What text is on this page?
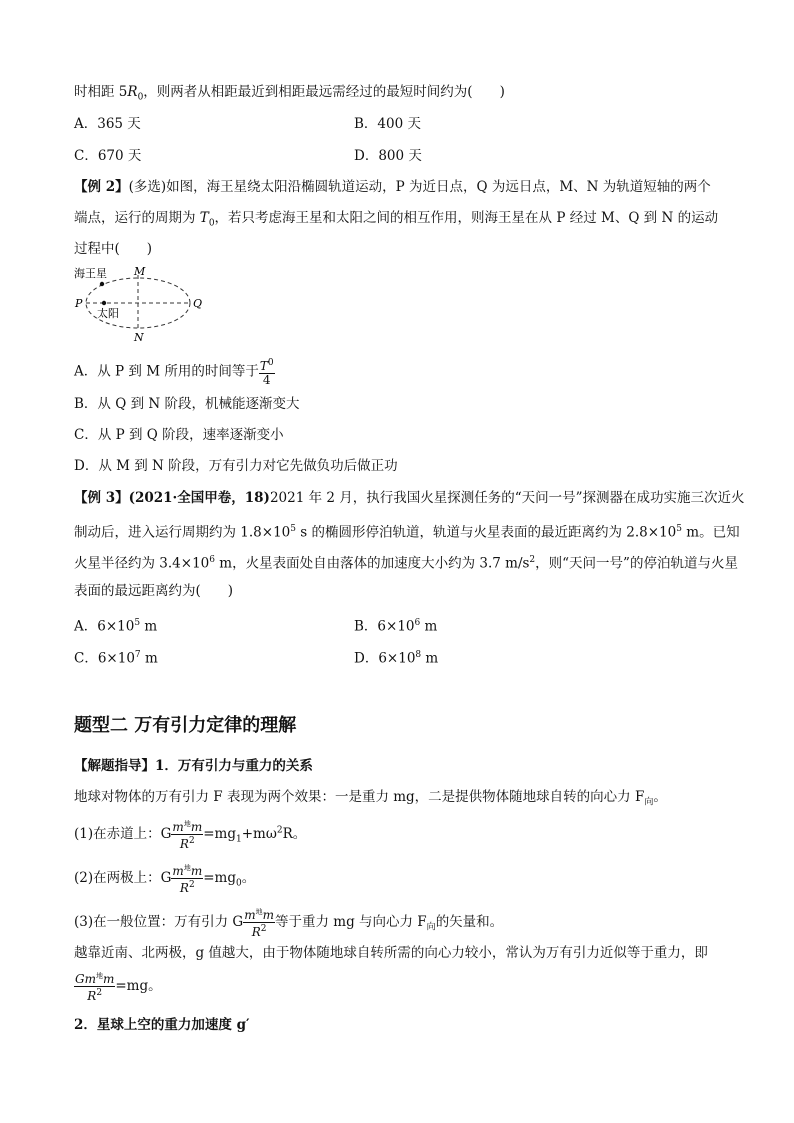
时相距 $5R_0$，则两者从相距最近到相距最远需经过的最短时间约为(　　)
A．365 天	B．400 天
C．670 天	D．800 天
【例 2】(多选)如图，海王星绕太阳沿椭圆轨道运动，P 为近日点，Q 为远日点，M、N 为轨道短轴的两个
端点，运行的周期为 $T_0$，若只考虑海王星和太阳之间的相互作用，则海王星在从 P 经过 M、Q 到 N 的运动
过程中(　　)
海王星
太阳
M
N
P	Q
A．从 P 到 M 所用的时间等于 $\frac{T^0}{4}$
B．从 Q 到 N 阶段，机械能逐渐变大
C．从 P 到 Q 阶段，速率逐渐变小
D．从 M 到 N 阶段，万有引力对它先做负功后做正功
【例 3】(2021·全国甲卷，18)2021 年 2 月，执行我国火星探测任务的“天问一号”探测器在成功实施三次近火
制动后，进入运行周期约为 $1.8\times 10^5$ s 的椭圆形停泊轨道，轨道与火星表面的最近距离约为 $2.8\times 10^5$ m。已知
火星半径约为 $3.4\times 10^6$ m，火星表面处自由落体的加速度大小约为 3.7 $m/s^2$，则“天问一号”的停泊轨道与火星
表面的最远距离约为(　　)
A．$6\times 10^5$ m	B．$6\times 10^6$ m
C．$6\times 10^7$ m	D．$6\times 10^8$ m
题型二 万有引力定律的理解
【解题指导】1．万有引力与重力的关系
地球对物体的万有引力 F 表现为两个效果：一是重力 mg，二是提供物体随地球自转的向心力 $F_向$。
(1)在赤道上：G $\frac{m^地m}{R^2} =mg_1+m\omega^2R$。
(2)在两极上：G $\frac{m^地m}{R^2} =mg_0$。
(3)在一般位置：万有引力 G $\frac{m^地m}{R^2}$ 等于重力 mg 与向心力 $F_向$的矢量和。
越靠近南、北两极，g 值越大，由于物体随地球自转所需的向心力较小，常认为万有引力近似等于重力，即
$\frac{Gm^地m}{R^2} =mg$。
2．星球上空的重力加速度 g′
